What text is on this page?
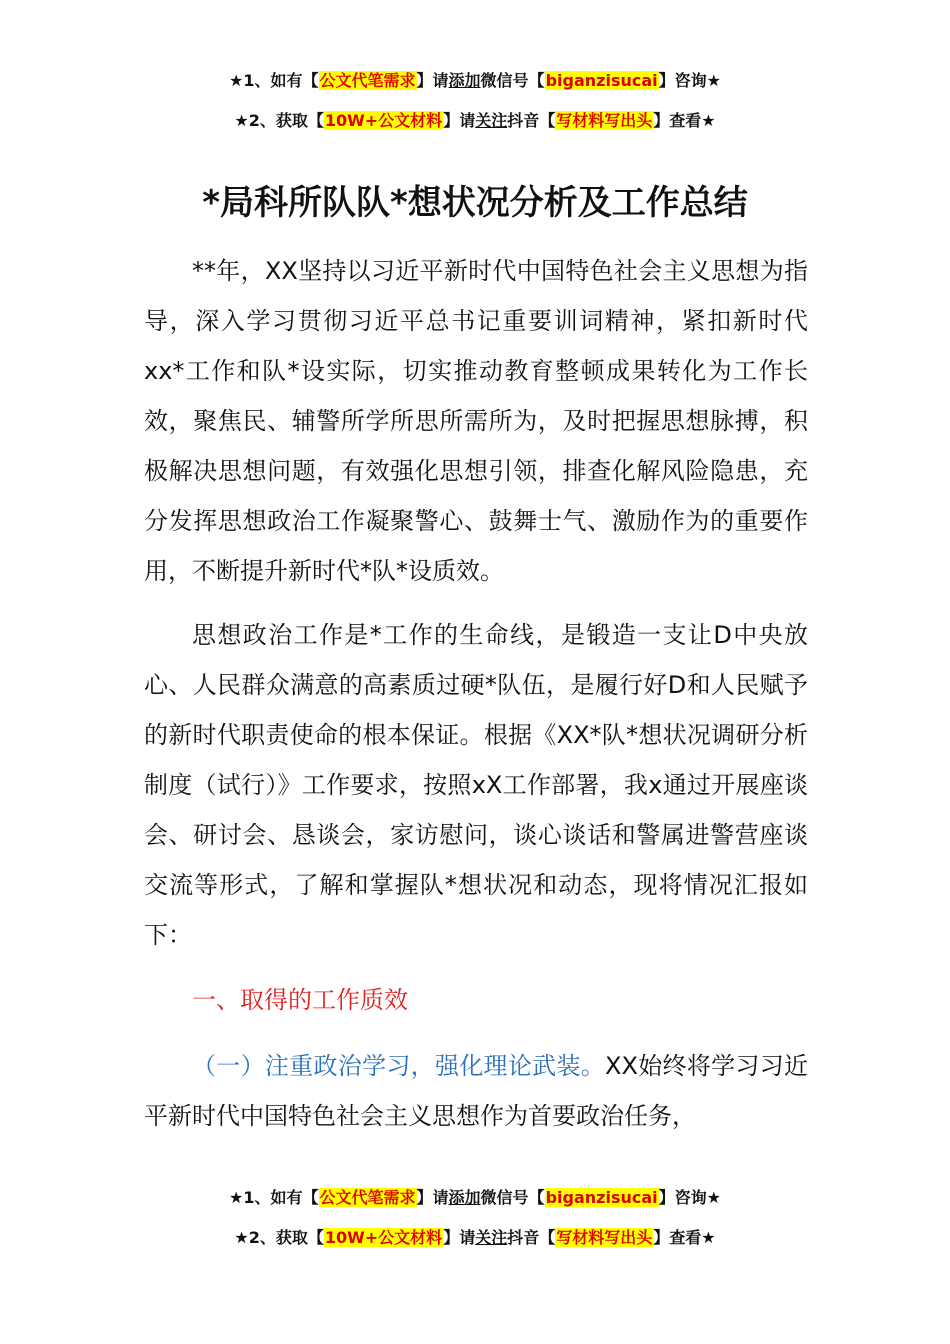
★1、如有【公文代笔需求】请添加微信号【biganzisucai】咨询★
★2、获取【10W+公文材料】请关注抖音【写材料写出头】查看★
*局科所队队*想状况分析及工作总结

**年，XX坚持以习近平新时代中国特色社会主义思想为指导，深入学习贯彻习近平总书记重要训词精神，紧扣新时代xx*工作和队*设实际，切实推动教育整顿成果转化为工作长效，聚焦民、辅警所学所思所需所为，及时把握思想脉搏，积极解决思想问题，有效强化思想引领，排查化解风险隐患，充分发挥思想政治工作凝聚警心、鼓舞士气、激励作为的重要作用，不断提升新时代*队*设质效。

思想政治工作是*工作的生命线，是锻造一支让D中央放心、人民群众满意的高素质过硬*队伍，是履行好D和人民赋予的新时代职责使命的根本保证。根据《XX*队*想状况调研分析制度（试行）》工作要求，按照xX工作部署，我x通过开展座谈会、研讨会、恳谈会，家访慰问，谈心谈话和警属进警营座谈交流等形式，了解和掌握队*想状况和动态，现将情况汇报如下：

一、取得的工作质效

（一）注重政治学习，强化理论武装。XX始终将学习习近平新时代中国特色社会主义思想作为首要政治任务，

★1、如有【公文代笔需求】请添加微信号【biganzisucai】咨询★
★2、获取【10W+公文材料】请关注抖音【写材料写出头】查看★
